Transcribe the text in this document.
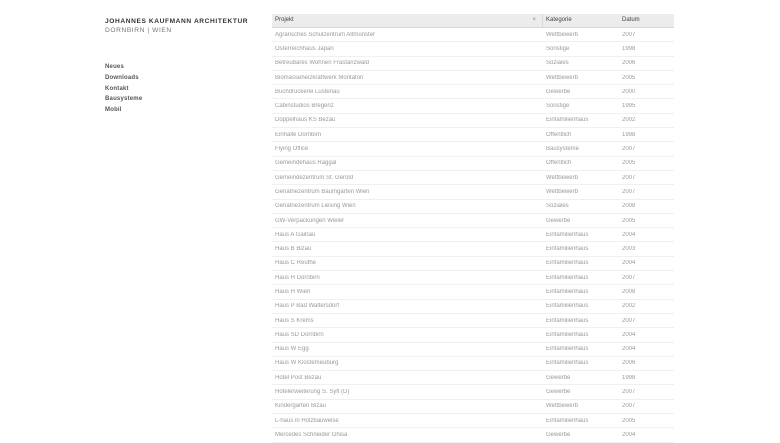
JOHANNES KAUFMANN ARCHITEKTUR
DORNBIRN | WIEN
Neues
Downloads
Kontakt
Bausysteme
Mobil
Projekt	×	Kategorie	Datum
Agrarisches Schulzentrum Altmünster	Wettbewerb	2007
Österreichhaus Japan	Sonstige	1998
Betreubares Wohnen Frastanzwald	Soziales	2006
Biomasseheizkraftwerk Montafon	Wettbewerb	2005
Buchdruckerei Lustenau	Gewerbe	2000
Cabinstudios Bregenz	Sonstige	1995
Doppelhaus KS Bezau	Einfamilienhaus	2002
Einhalle Dornbirn	Öffentlich	1998
Flying Office	Bausysteme	2007
Gemeindehaus Raggal	Öffentlich	2005
Gemeindezentrum St. Gerold	Wettbewerb	2007
Geriatriezentrum Baumgarten Wien	Wettbewerb	2007
Geriatriezentrum Liesing Wien	Soziales	2008
GW-Verpackungen Weiler	Gewerbe	2005
Haus A Gaißau	Einfamilienhaus	2004
Haus B Bizau	Einfamilienhaus	2003
Haus C Reuthe	Einfamilienhaus	2004
Haus H Dornbirn	Einfamilienhaus	2007
Haus H Wien	Einfamilienhaus	2008
Haus P Bad Waltersdorf	Einfamilienhaus	2002
Haus S Krems	Einfamilienhaus	2007
Haus SD Dornbirn	Einfamilienhaus	2004
Haus W Egg	Einfamilienhaus	2004
Haus W Klostemeuburg	Einfamilienhaus	2006
Hotel Post Bezau	Gewerbe	1998
Hotelerweiterung S. Sylt (D)	Gewerbe	2007
Kindergarten Bizau	Wettbewerb	2007
L-haus in Holzbauweise	Einfamilienhaus	2005
Mercedes Schneider Ghisa	Gewerbe	2004
